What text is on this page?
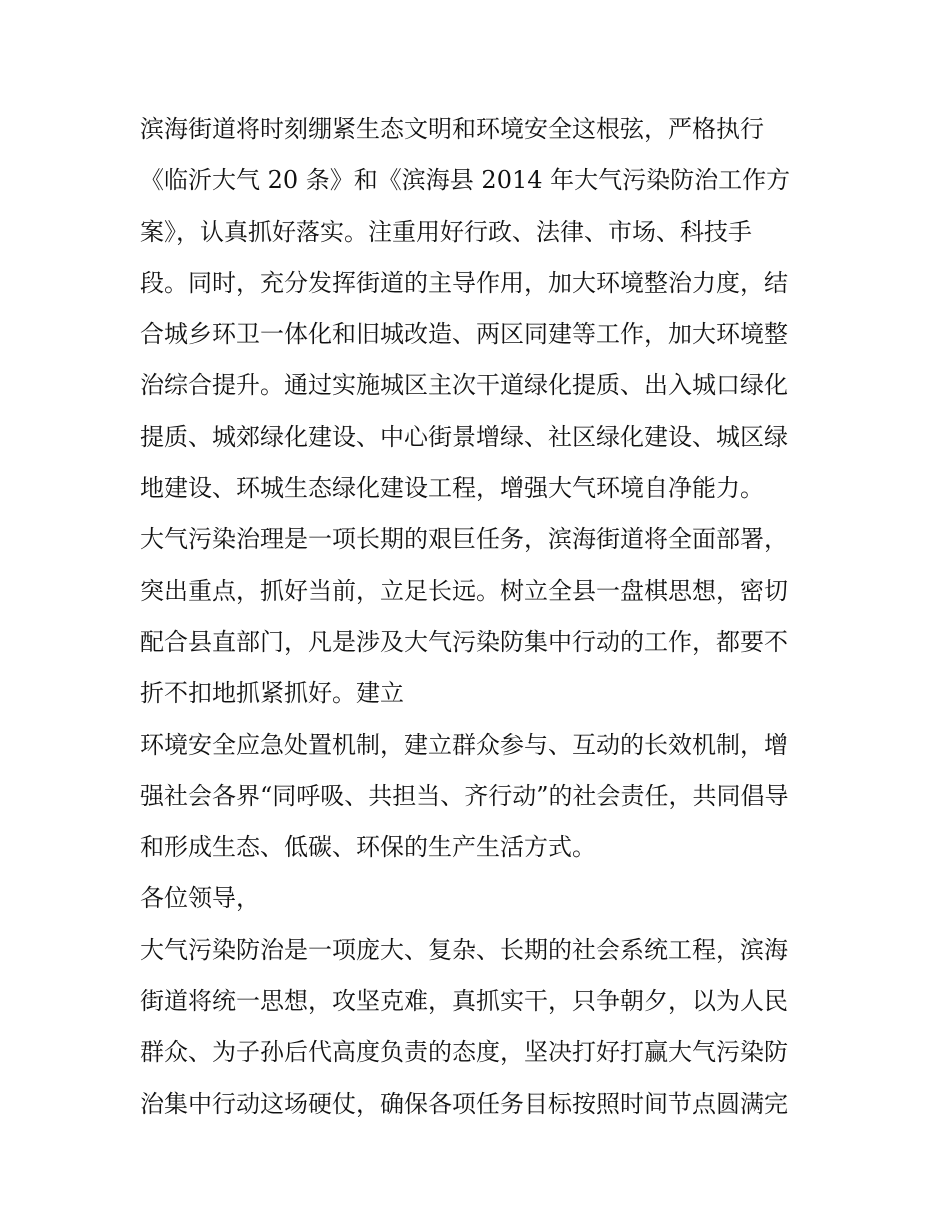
滨海街道将时刻绷紧生态文明和环境安全这根弦，严格执行
《临沂大气 20 条》和《滨海县 2014 年大气污染防治工作方
案》，认真抓好落实。注重用好行政、法律、市场、科技手
段。同时，充分发挥街道的主导作用，加大环境整治力度，结
合城乡环卫一体化和旧城改造、两区同建等工作，加大环境整
治综合提升。通过实施城区主次干道绿化提质、出入城口绿化
提质、城郊绿化建设、中心街景增绿、社区绿化建设、城区绿
地建设、环城生态绿化建设工程，增强大气环境自净能力。
大气污染治理是一项长期的艰巨任务，滨海街道将全面部署，
突出重点，抓好当前，立足长远。树立全县一盘棋思想，密切
配合县直部门，凡是涉及大气污染防集中行动的工作，都要不
折不扣地抓紧抓好。建立
环境安全应急处置机制，建立群众参与、互动的长效机制，增
强社会各界“同呼吸、共担当、齐行动”的社会责任，共同倡导
和形成生态、低碳、环保的生产生活方式。
各位领导，
大气污染防治是一项庞大、复杂、长期的社会系统工程，滨海
街道将统一思想，攻坚克难，真抓实干，只争朝夕，以为人民
群众、为子孙后代高度负责的态度，坚决打好打赢大气污染防
治集中行动这场硬仗，确保各项任务目标按照时间节点圆满完
